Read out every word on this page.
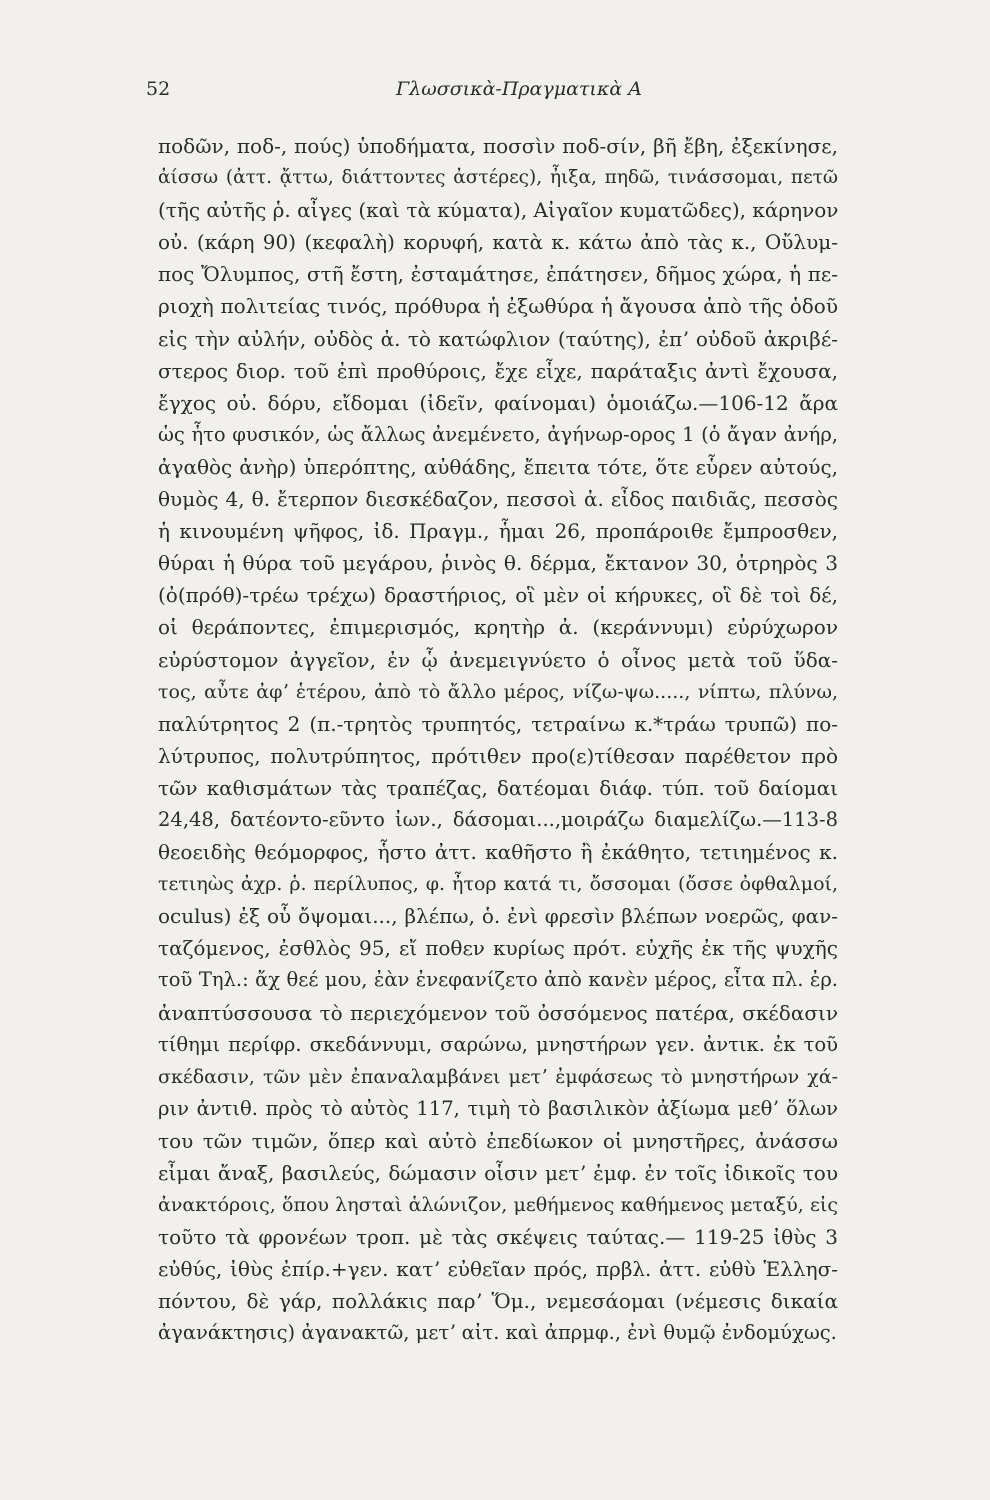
52	Γλωσσικὰ-Πραγματικὰ Α
ποδῶν, ποδ-, πούς) ὑποδήματα, ποσσὶν ποδ-σίν, βῆ ἔβη, ἐξεκίνησε,
ἀίσσω (ἀττ. ᾄττω, διάττοντες ἀστέρες), ἦιξα, πηδῶ, τινάσσομαι, πετῶ
(τῆς αὐτῆς ῥ. αἶγες (καὶ τὰ κύματα), Αἰγαῖον κυματῶδες), κάρηνον
οὐ. (κάρη 90) (κεφαλὴ) κορυφή, κατὰ κ. κάτω ἀπὸ τὰς κ., Οὔλυμ-
πος Ὄλυμπος, στῆ ἔστη, ἐσταμάτησε, ἐπάτησεν, δῆμος χώρα, ἡ πε-
ριοχὴ πολιτείας τινός, πρόθυρα ἡ ἐξωθύρα ἡ ἄγουσα ἀπὸ τῆς ὁδοῦ
εἰς τὴν αὐλήν, οὐδὸς ἀ. τὸ κατώφλιον (ταύτης), ἐπʼ οὐδοῦ ἀκριβέ-
στερος διορ. τοῦ ἐπὶ προθύροις, ἔχε εἶχε, παράταξις ἀντὶ ἔχουσα,
ἔγχος οὐ. δόρυ, εἴδομαι (ἰδεῖν, φαίνομαι) ὁμοιάζω.—106-12 ἄρα
ὡς ἦτο φυσικόν, ὡς ἄλλως ἀνεμένετο, ἀγήνωρ-ορος 1 (ὁ ἄγαν ἀνήρ,
ἀγαθὸς ἀνὴρ) ὑπερόπτης, αὐθάδης, ἔπειτα τότε, ὅτε εὗρεν αὐτούς,
θυμὸς 4, θ. ἔτερπον διεσκέδαζον, πεσσοὶ ἀ. εἶδος παιδιᾶς, πεσσὸς
ἡ κινουμένη ψῆφος, ἰδ. Πραγμ., ἧμαι 26, προπάροιθε ἔμπροσθεν,
θύραι ἡ θύρα τοῦ μεγάρου, ῥινὸς θ. δέρμα, ἔκτανον 30, ὀτρηρὸς 3
(ὀ(πρόθ)-τρέω τρέχω) δραστήριος, οἳ μὲν οἱ κήρυκες, οἳ δὲ τοὶ δέ,
οἱ θεράποντες, ἐπιμερισμός, κρητὴρ ἀ. (κεράννυμι) εὐρύχωρον
εὐρύστομον ἀγγεῖον, ἐν ᾧ ἀνεμειγνύετο ὁ οἶνος μετὰ τοῦ ὕδα-
τος, αὖτε ἀφʼ ἑτέρου, ἀπὸ τὸ ἄλλο μέρος, νίζω-ψω....., νίπτω, πλύνω,
παλύτρητος 2 (π.-τρητὸς τρυπητός, τετραίνω κ.*τράω τρυπῶ) πο-
λύτρυπος, πολυτρύπητος, πρότιθεν προ(ε)τίθεσαν παρέθετον πρὸ
τῶν καθισμάτων τὰς τραπέζας, δατέομαι διάφ. τύπ. τοῦ δαίομαι
24,48, δατέοντο-εῦντο ἰων., δάσομαι...,μοιράζω διαμελίζω.—113-8
θεοειδὴς θεόμορφος, ἧστο ἀττ. καθῆστο ἢ ἐκάθητο, τετιημένος κ.
τετιηὼς ἀχρ. ῥ. περίλυπος, φ. ἦτορ κατά τι, ὄσσομαι (ὄσσε ὀφθαλμοί,
oculus) ἐξ οὗ ὄψομαι..., βλέπω, ὁ. ἐνὶ φρεσὶν βλέπων νοερῶς, φαν-
ταζόμενος, ἐσθλὸς 95, εἴ ποθεν κυρίως πρότ. εὐχῆς ἐκ τῆς ψυχῆς
τοῦ Τηλ.: ἄχ θεέ μου, ἐὰν ἐνεφανίζετο ἀπὸ κανὲν μέρος, εἶτα πλ. ἐρ.
ἀναπτύσσουσα τὸ περιεχόμενον τοῦ ὀσσόμενος πατέρα, σκέδασιν
τίθημι περίφρ. σκεδάννυμι, σαρώνω, μνηστήρων γεν. ἀντικ. ἐκ τοῦ
σκέδασιν, τῶν μὲν ἐπαναλαμβάνει μετʼ ἐμφάσεως τὸ μνηστήρων χά-
ριν ἀντιθ. πρὸς τὸ αὐτὸς 117, τιμὴ τὸ βασιλικὸν ἀξίωμα μεθʼ ὅλων
του τῶν τιμῶν, ὅπερ καὶ αὐτὸ ἐπεδίωκον οἱ μνηστῆρες, ἀνάσσω
εἶμαι ἄναξ, βασιλεύς, δώμασιν οἷσιν μετʼ ἐμφ. ἐν τοῖς ἰδικοῖς του
ἀνακτόροις, ὅπου λησταὶ ἁλώνιζον, μεθήμενος καθήμενος μεταξύ, εἰς
τοῦτο τὰ φρονέων τροπ. μὲ τὰς σκέψεις ταύτας.— 119-25 ἰθὺς 3
εὐθύς, ἰθὺς ἐπίρ.+γεν. κατʼ εὐθεῖαν πρός, πρβλ. ἀττ. εὐθὺ Ἑλλησ-
πόντου, δὲ γάρ, πολλάκις παρʼ Ὅμ., νεμεσάομαι (νέμεσις δικαία
ἀγανάκτησις) ἀγανακτῶ, μετʼ αἰτ. καὶ ἀπρμφ., ἐνὶ θυμῷ ἐνδομύχως.
